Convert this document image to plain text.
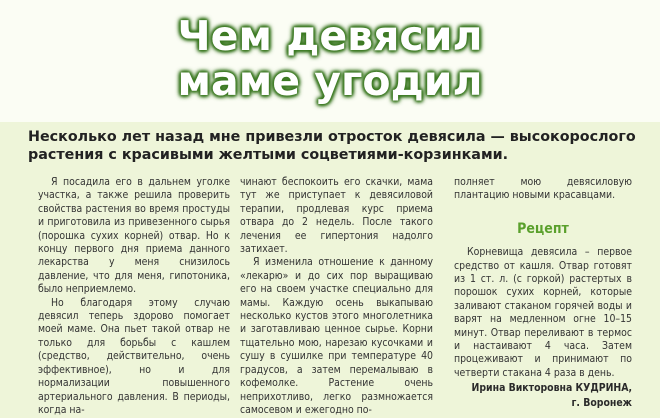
Чем девясил
маме угодил
Несколько лет назад мне привезли отросток девясила — высокорослого растения с красивыми желтыми соцветиями-корзинками.

Я посадила его в дальнем уголке участка, а также решила проверить свойства растения во время простуды и приготовила из привезенного сырья (порошка сухих корней) отвар. Но к концу первого дня приема данного лекарства у меня снизилось давление, что для меня, гипотоника, было неприемлемо.

Но благодаря этому случаю девясил теперь здорово помогает моей маме. Она пьет такой отвар не только для борьбы с кашлем (средство, действительно, очень эффективное), но и для нормализации повышенного артериального давления. В периоды, когда на-

чинают беспокоить его скачки, мама тут же приступает к девясиловой терапии, продлевая курс приема отвара до 2 недель. После такого лечения ее гипертония надолго затихает.

Я изменила отношение к данному «лекарю» и до сих пор выращиваю его на своем участке специально для мамы. Каждую осень выкапываю несколько кустов этого многолетника и заготавливаю ценное сырье. Корни тщательно мою, нарезаю кусочками и сушу в сушилке при температуре 40 градусов, а затем перемалываю в кофемолке. Растение очень неприхотливо, легко размножается самосевом и ежегодно по-

полняет мою девясиловую плантацию новыми красавцами.

Рецепт

Корневища девясила – первое средство от кашля. Отвар готовят из 1 ст. л. (с горкой) растертых в порошок сухих корней, которые заливают стаканом горячей воды и варят на медленном огне 10–15 минут. Отвар переливают в термос и настаивают 4 часа. Затем процеживают и принимают по четверти стакана 4 раза в день.

Ирина Викторовна КУДРИНА,
г. Воронеж
